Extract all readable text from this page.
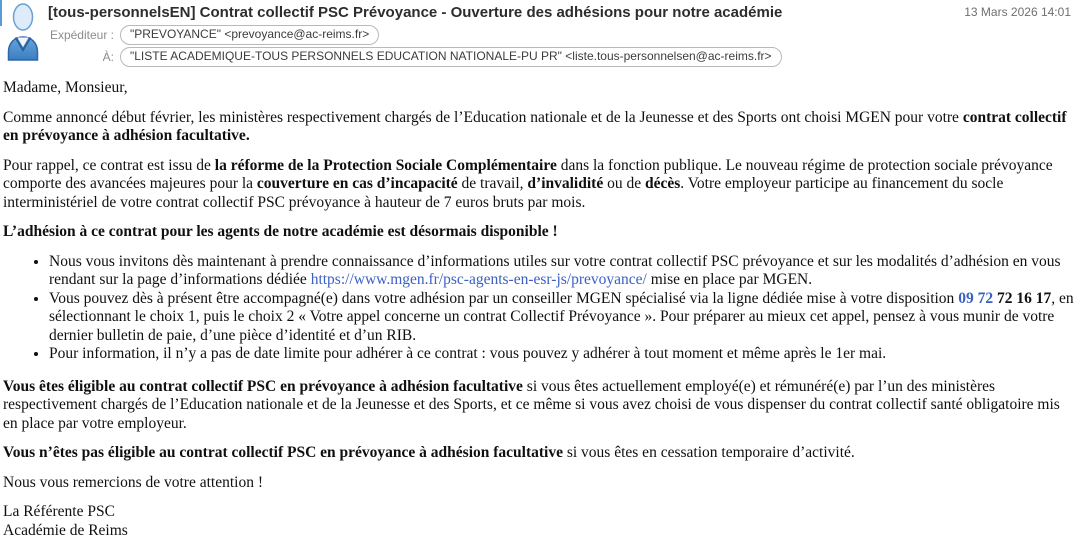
[tous-personnelsEN] Contrat collectif PSC Prévoyance - Ouverture des adhésions pour notre académie	13 Mars 2026 14:01
Expéditeur :	"PREVOYANCE" <prevoyance@ac-reims.fr>
À:	"LISTE ACADEMIQUE-TOUS PERSONNELS EDUCATION NATIONALE-PU PR" <liste.tous-personnelsen@ac-reims.fr>

Madame, Monsieur,

Comme annoncé début février, les ministères respectivement chargés de l’Education nationale et de la Jeunesse et des Sports ont choisi MGEN pour votre contrat collectif en prévoyance à adhésion facultative.

Pour rappel, ce contrat est issu de la réforme de la Protection Sociale Complémentaire dans la fonction publique. Le nouveau régime de protection sociale prévoyance comporte des avancées majeures pour la couverture en cas d’incapacité de travail, d’invalidité ou de décès. Votre employeur participe au financement du socle interministériel de votre contrat collectif PSC prévoyance à hauteur de 7 euros bruts par mois.

L’adhésion à ce contrat pour les agents de notre académie est désormais disponible !

• Nous vous invitons dès maintenant à prendre connaissance d’informations utiles sur votre contrat collectif PSC prévoyance et sur les modalités d’adhésion en vous rendant sur la page d’informations dédiée https://www.mgen.fr/psc-agents-en-esr-js/prevoyance/ mise en place par MGEN.
• Vous pouvez dès à présent être accompagné(e) dans votre adhésion par un conseiller MGEN spécialisé via la ligne dédiée mise à votre disposition 09 72 72 16 17, en sélectionnant le choix 1, puis le choix 2 « Votre appel concerne un contrat Collectif Prévoyance ». Pour préparer au mieux cet appel, pensez à vous munir de votre dernier bulletin de paie, d’une pièce d’identité et d’un RIB.
• Pour information, il n’y a pas de date limite pour adhérer à ce contrat : vous pouvez y adhérer à tout moment et même après le 1er mai.

Vous êtes éligible au contrat collectif PSC en prévoyance à adhésion facultative si vous êtes actuellement employé(e) et rémunéré(e) par l’un des ministères respectivement chargés de l’Education nationale et de la Jeunesse et des Sports, et ce même si vous avez choisi de vous dispenser du contrat collectif santé obligatoire mis en place par votre employeur.

Vous n’êtes pas éligible au contrat collectif PSC en prévoyance à adhésion facultative si vous êtes en cessation temporaire d’activité.

Nous vous remercions de votre attention !

La Référente PSC

Académie de Reims
